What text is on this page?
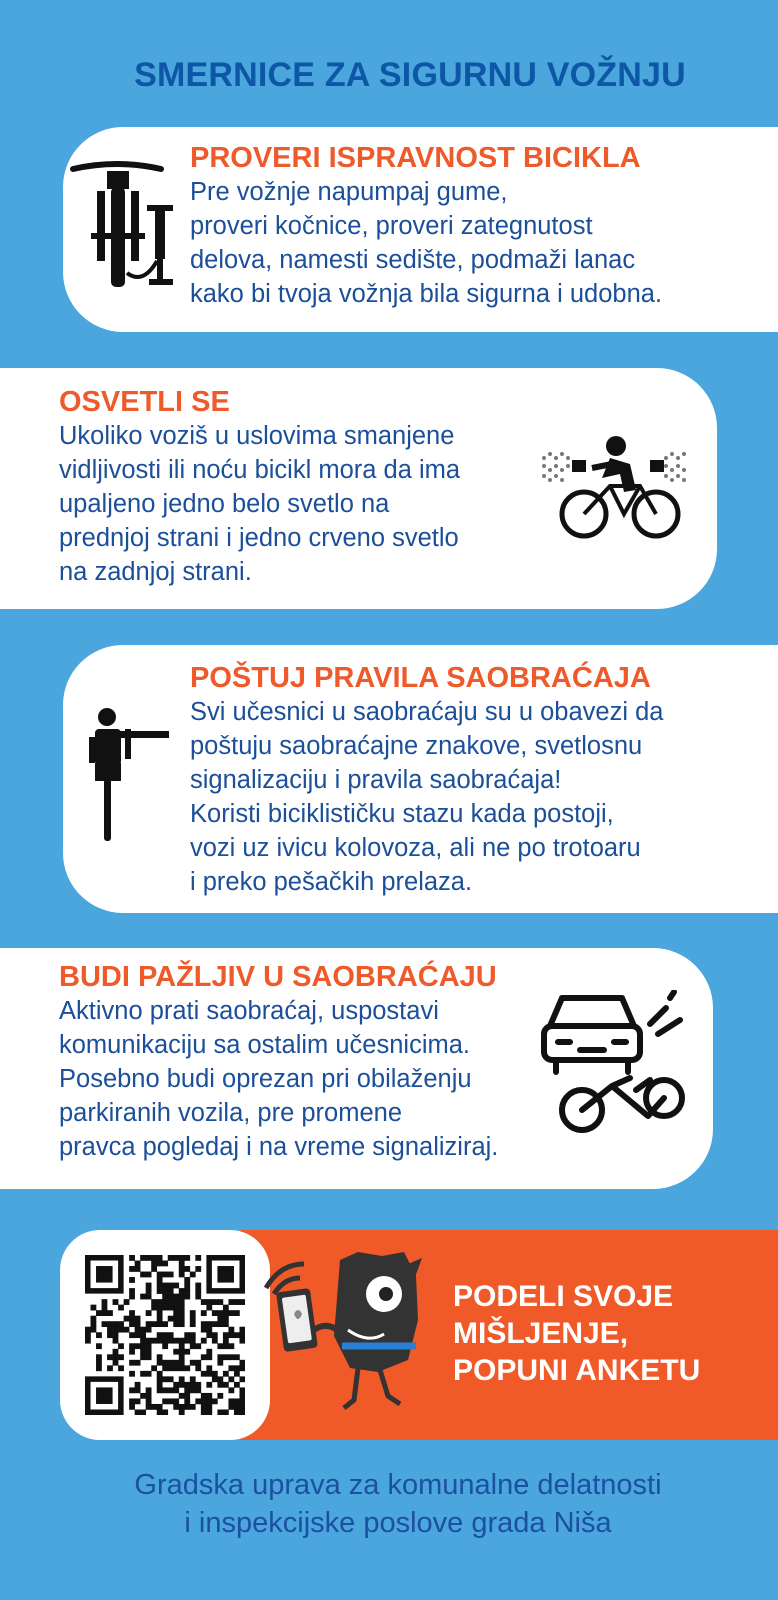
SMERNICE ZA SIGURNU VOŽNJU
PROVERI ISPRAVNOST BICIKLA

Pre vožnje napumpaj gume,
proveri kočnice, proveri zategnutost
delova, namesti sedište, podmaži lanac
kako bi tvoja vožnja bila sigurna i udobna.

OSVETLI SE

Ukoliko voziš u uslovima smanjene
vidljivosti ili noću bicikl mora da ima
upaljeno jedno belo svetlo na
prednjoj strani i jedno crveno svetlo
na zadnjoj strani.

POŠTUJ PRAVILA SAOBRAĆAJA

Svi učesnici u saobraćaju su u obavezi da
poštuju saobraćajne znakove, svetlosnu
signalizaciju i pravila saobraćaja!
Koristi biciklističku stazu kada postoji,
vozi uz ivicu kolovoza, ali ne po trotoaru
i preko pešačkih prelaza.

BUDI PAŽLJIV U SAOBRAĆAJU

Aktivno prati saobraćaj, uspostavi
komunikaciju sa ostalim učesnicima.
Posebno budi oprezan pri obilaženju
parkiranih vozila, pre promene
pravca pogledaj i na vreme signaliziraj.

PODELI SVOJE
MIŠLJENJE,
POPUNI ANKETU
Gradska uprava za komunalne delatnosti
i inspekcijske poslove grada Niša
